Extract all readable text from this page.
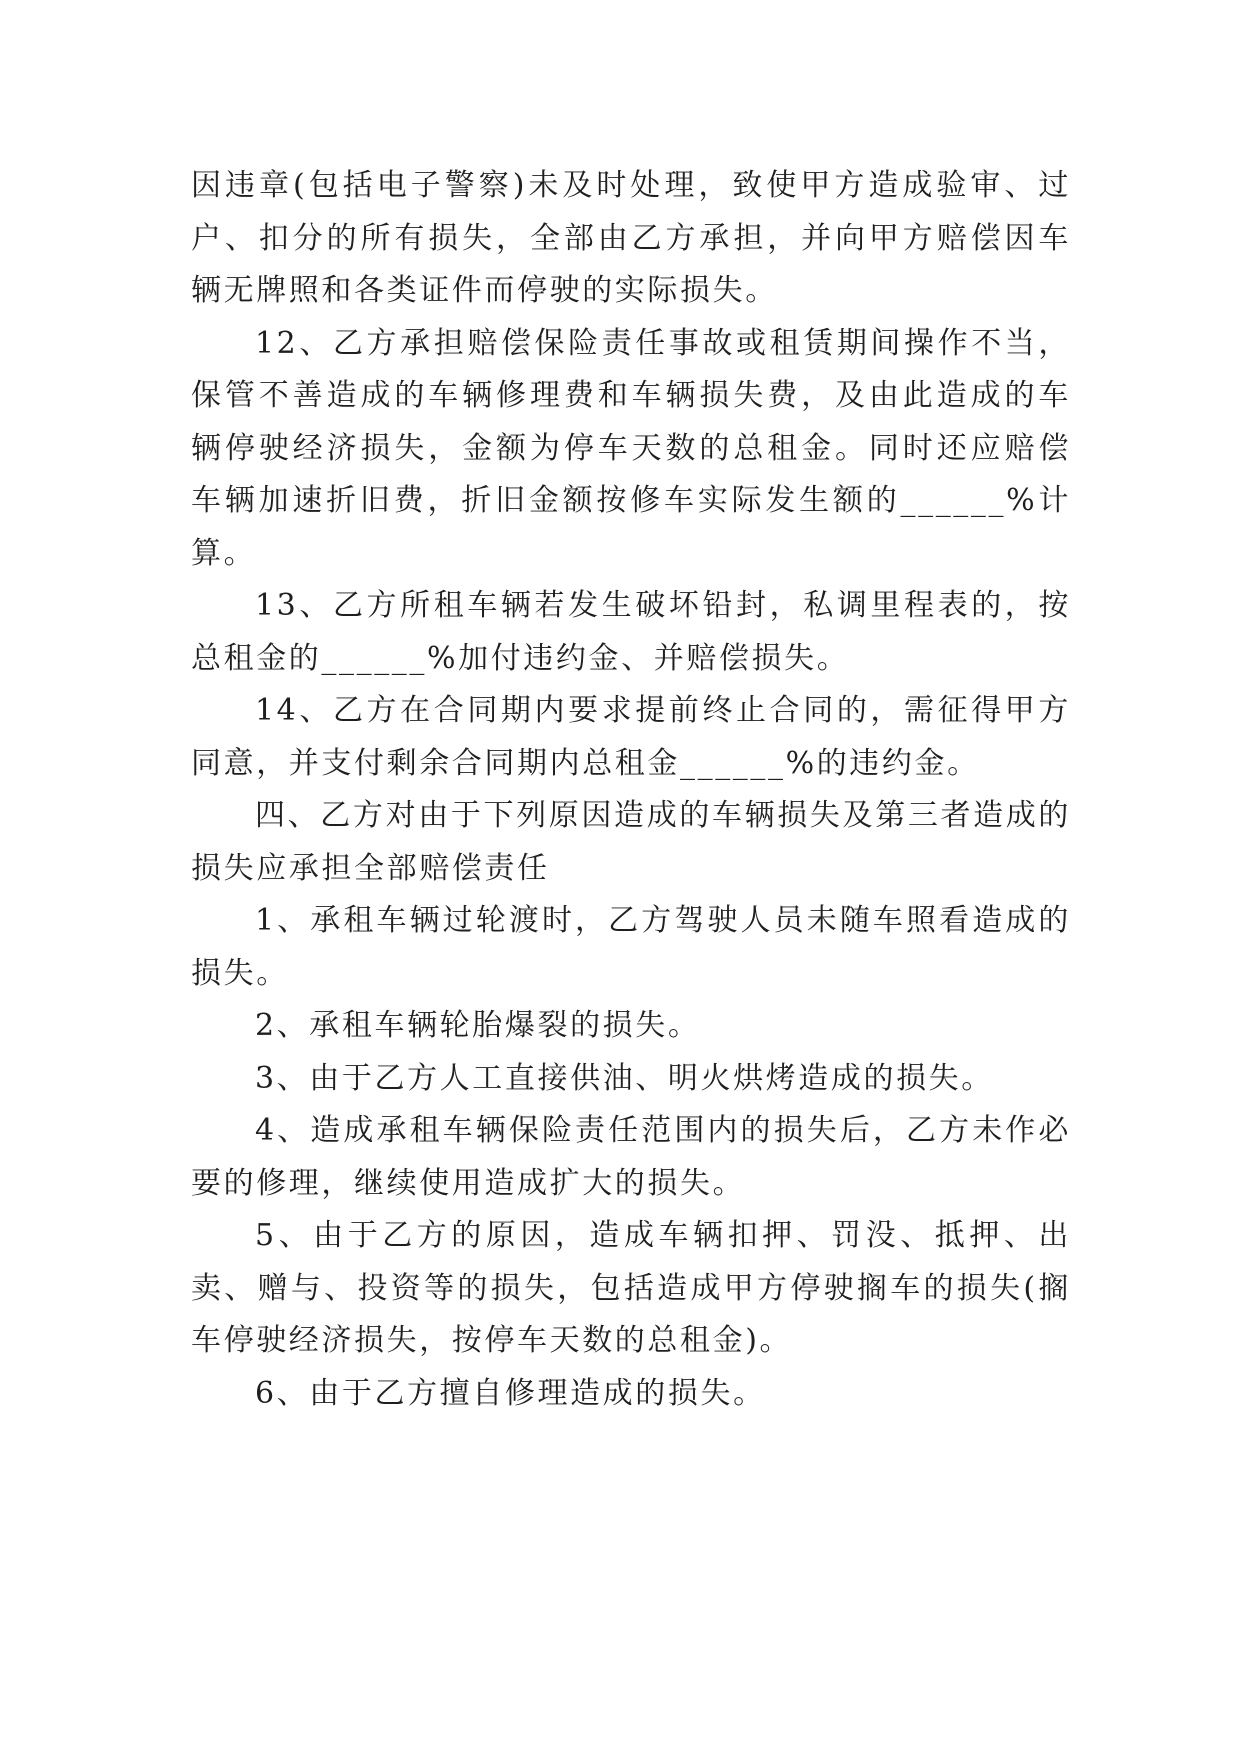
因违章(包括电子警察)未及时处理，致使甲方造成验审、过户、扣分的所有损失，全部由乙方承担，并向甲方赔偿因车辆无牌照和各类证件而停驶的实际损失。

12、乙方承担赔偿保险责任事故或租赁期间操作不当，保管不善造成的车辆修理费和车辆损失费，及由此造成的车辆停驶经济损失，金额为停车天数的总租金。同时还应赔偿车辆加速折旧费，折旧金额按修车实际发生额的______%计算。

13、乙方所租车辆若发生破坏铅封，私调里程表的，按总租金的______%加付违约金、并赔偿损失。

14、乙方在合同期内要求提前终止合同的，需征得甲方同意，并支付剩余合同期内总租金______%的违约金。

四、乙方对由于下列原因造成的车辆损失及第三者造成的损失应承担全部赔偿责任

1、承租车辆过轮渡时，乙方驾驶人员未随车照看造成的损失。

2、承租车辆轮胎爆裂的损失。

3、由于乙方人工直接供油、明火烘烤造成的损失。

4、造成承租车辆保险责任范围内的损失后，乙方未作必要的修理，继续使用造成扩大的损失。

5、由于乙方的原因，造成车辆扣押、罚没、抵押、出卖、赠与、投资等的损失，包括造成甲方停驶搁车的损失(搁车停驶经济损失，按停车天数的总租金)。

6、由于乙方擅自修理造成的损失。
